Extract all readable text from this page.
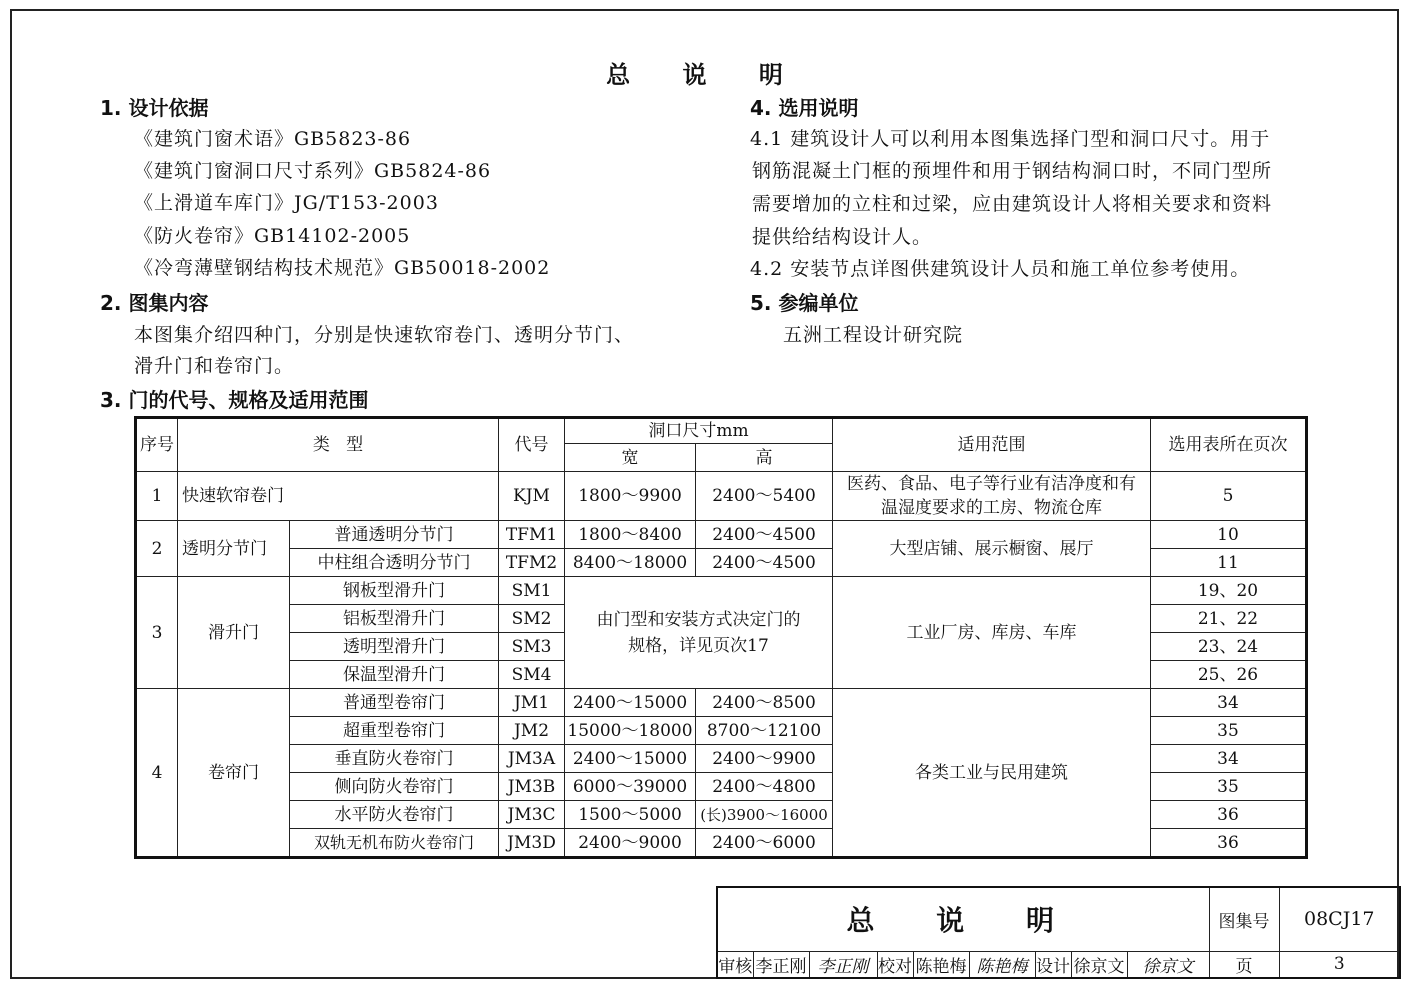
总 说 明
1. 设计依据
《建筑门窗术语》GB5823-86
《建筑门窗洞口尺寸系列》GB5824-86
《上滑道车库门》JG/T153-2003
《防火卷帘》GB14102-2005
《冷弯薄壁钢结构技术规范》GB50018-2002
2. 图集内容
本图集介绍四种门，分别是快速软帘卷门、透明分节门、
滑升门和卷帘门。
3. 门的代号、规格及适用范围
4. 选用说明
4.1 建筑设计人可以利用本图集选择门型和洞口尺寸。用于
钢筋混凝土门框的预埋件和用于钢结构洞口时，不同门型所
需要增加的立柱和过梁，应由建筑设计人将相关要求和资料
提供给结构设计人。
4.2 安装节点详图供建筑设计人员和施工单位参考使用。
5. 参编单位
五洲工程设计研究院
序号	类   型		代号	洞口尺寸mm		适用范围	选用表所在页次
				宽	高		
1	快速软帘卷门		KJM	1800～9900	2400～5400	医药、食品、电子等行业有洁净度和有温湿度要求的工房、物流仓库	5
2	透明分节门	普通透明分节门	TFM1	1800～8400	2400～4500	大型店铺、展示橱窗、展厅	10
		中柱组合透明分节门	TFM2	8400～18000	2400～4500		11
3	滑升门	钢板型滑升门	SM1	由门型和安装方式决定门的规格，详见页次17		工业厂房、库房、车库	19、20
		铝板型滑升门	SM2				21、22
		透明型滑升门	SM3				23、24
		保温型滑升门	SM4				25、26
4	卷帘门	普通型卷帘门	JM1	2400～15000	2400～8500	各类工业与民用建筑	34
		超重型卷帘门	JM2	15000～18000	8700～12100		35
		垂直防火卷帘门	JM3A	2400～15000	2400～9900		34
		侧向防火卷帘门	JM3B	6000～39000	2400～4800		35
		水平防火卷帘门	JM3C	1500～5000	(长)3900～16000		36
		双轨无机布防火卷帘门	JM3D	2400～9000	2400～6000		36
总 说 明									图集号	08CJ17
审核	李正刚	李正刚	校对	陈艳梅	陈艳梅	设计	徐京文	徐京文	页	3
